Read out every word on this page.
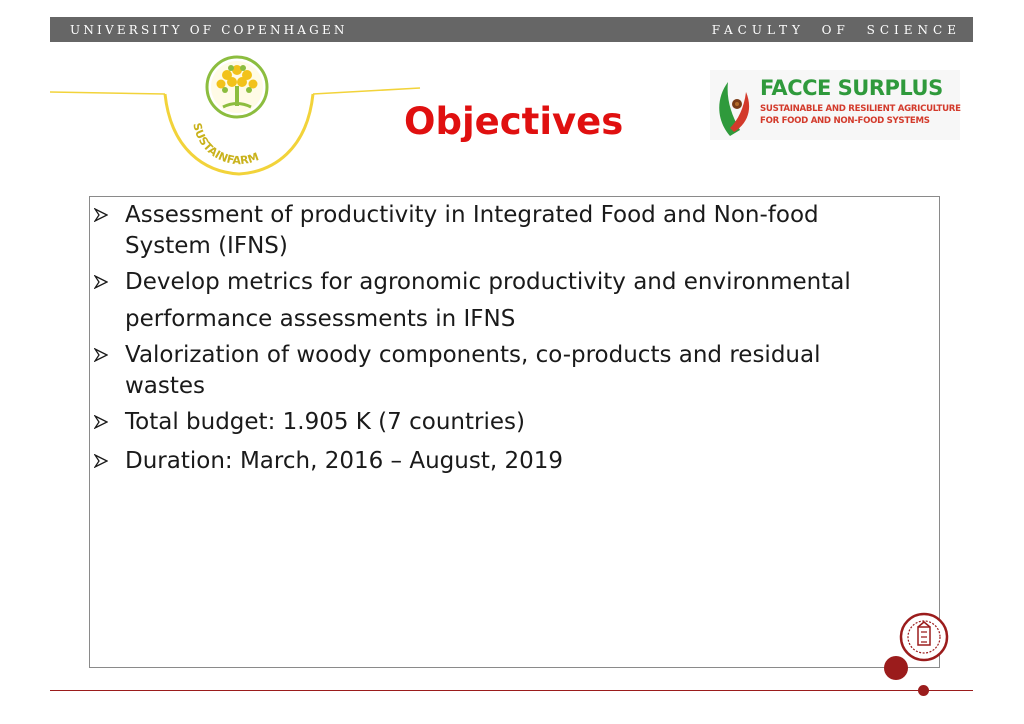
UNIVERSITY OF COPENHAGEN	FACULTY OF SCIENCE
SUSTAINFARM
Objectives
FACCE SURPLUS
SUSTAINABLE AND RESILIENT AGRICULTURE
FOR FOOD AND NON-FOOD SYSTEMS
Assessment of productivity in Integrated Food and Non-food
System (IFNS)
Develop metrics for agronomic productivity and environmental
performance assessments in IFNS
Valorization of woody components, co-products and residual
wastes
Total budget: 1.905 K (7 countries)
Duration: March, 2016 – August, 2019
